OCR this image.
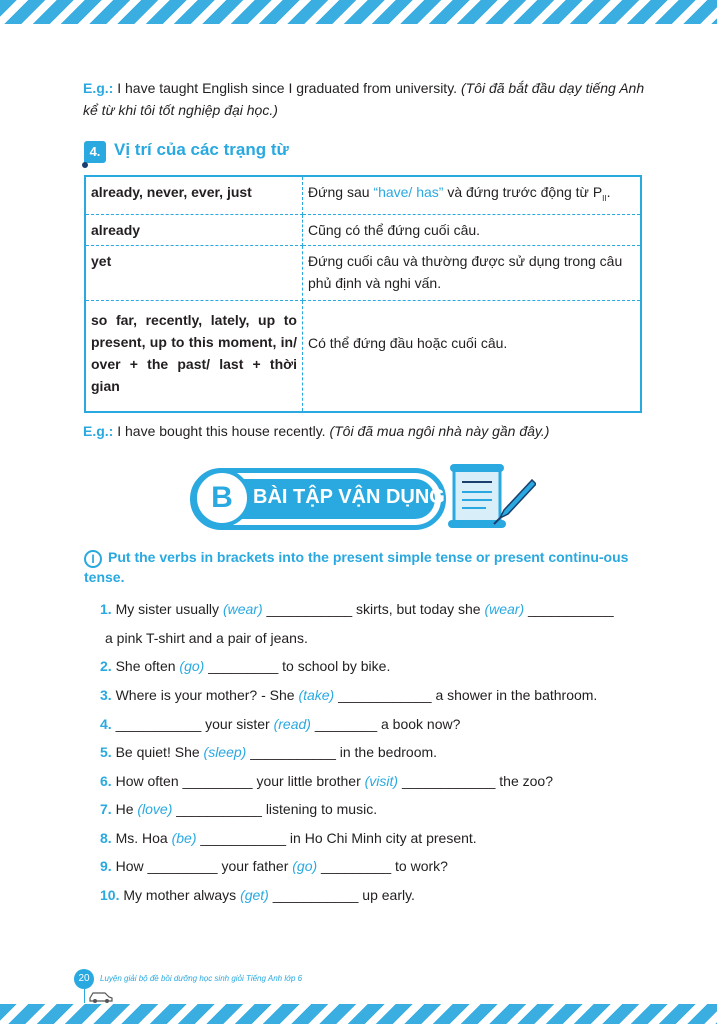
E.g.: I have taught English since I graduated from university. (Tôi đã bắt đầu dạy tiếng Anh kể từ khi tôi tốt nghiệp đại học.)
4. Vị trí của các trạng từ
already, never, ever, just	Đứng sau “have/ has” và đứng trước động từ $P_{II}$.
already	Cũng có thể đứng cuối câu.
yet	Đứng cuối câu và thường được sử dụng trong câu phủ định và nghi vấn.
so far, recently, lately, up to present, up to this moment, in/ over + the past/ last + thời gian	Có thể đứng đầu hoặc cuối câu.
E.g.: I have bought this house recently. (Tôi đã mua ngôi nhà này gần đây.)
B	BÀI TẬP VẬN DỤNG
I Put the verbs in brackets into the present simple tense or present continu-ous tense.
1. My sister usually (wear) ___________ skirts, but today she (wear) ___________
a pink T-shirt and a pair of jeans.
2. She often (go) _________ to school by bike.
3. Where is your mother? - She (take) ____________ a shower in the bathroom.
4. ___________ your sister (read) ________ a book now?
5. Be quiet! She (sleep) ___________ in the bedroom.
6. How often _________ your little brother (visit) ____________ the zoo?
7. He (love) ___________ listening to music.
8. Ms. Hoa (be) ___________ in Ho Chi Minh city at present.
9. How _________ your father (go) _________ to work?
10. My mother always (get) ___________ up early.
20	Luyện giải bộ đề bồi dưỡng học sinh giỏi Tiếng Anh lớp 6
